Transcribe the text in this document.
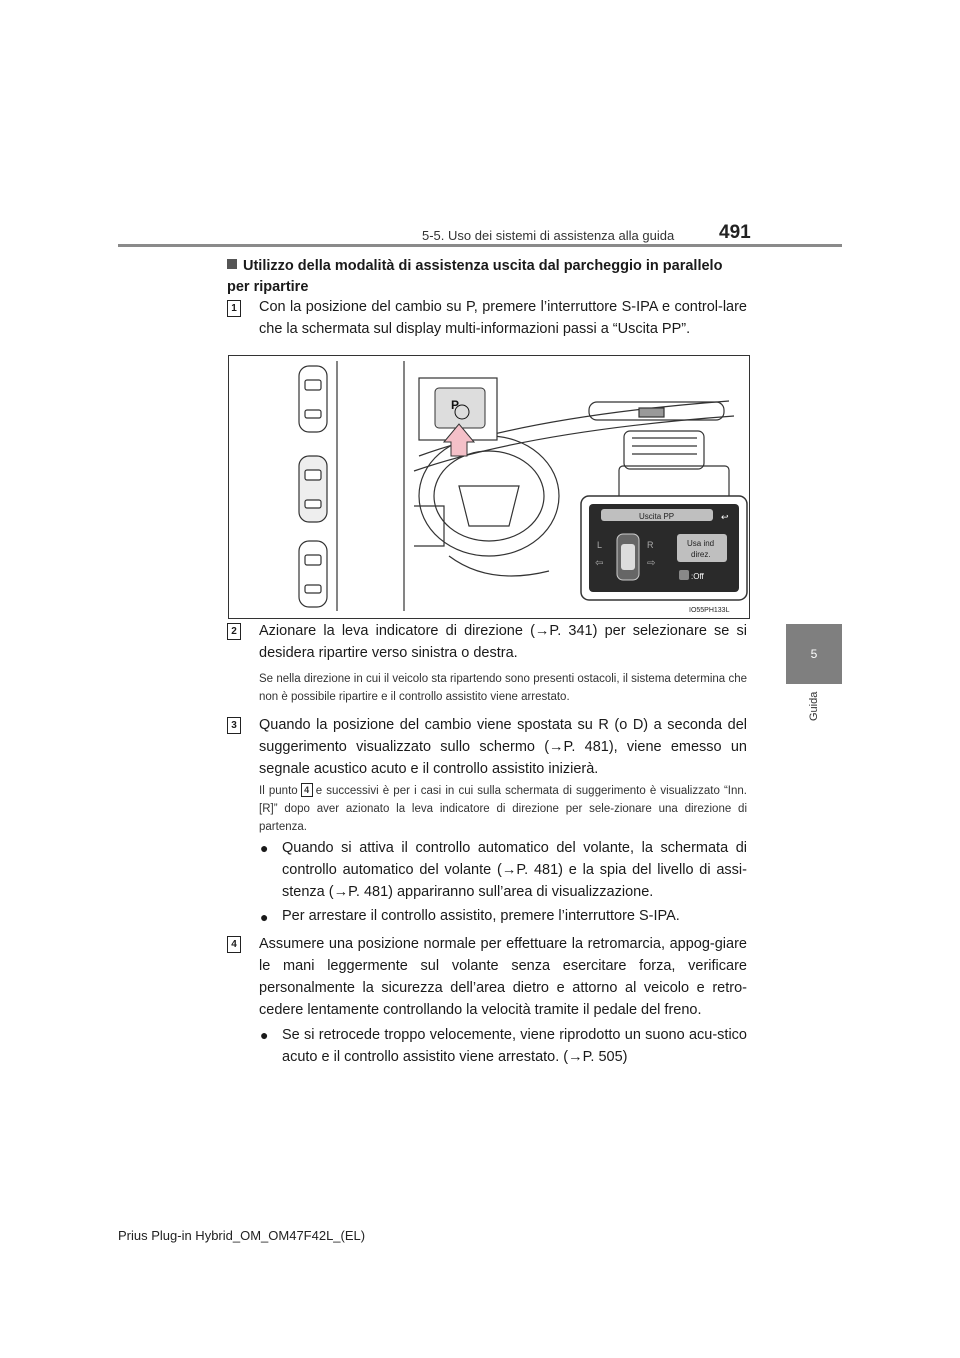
5-5. Uso dei sistemi di assistenza alla guida 491
5
Guida
Utilizzo della modalità di assistenza uscita dal parcheggio in parallelo per ripartire
1 Con la posizione del cambio su P, premere l’interruttore S-IPA e control-lare che la schermata sul display multi-informazioni passi a “Uscita PP”.
P
Uscita PP	↩
L	R
⇦	⇨
Usa ind
direz.
:Off
IO55PH133L
2 Azionare la leva indicatore di direzione (→P. 341) per selezionare se si desidera ripartire verso sinistra o destra.
Se nella direzione in cui il veicolo sta ripartendo sono presenti ostacoli, il sistema determina che non è possibile ripartire e il controllo assistito viene arrestato.
3 Quando la posizione del cambio viene spostata su R (o D) a seconda del suggerimento visualizzato sullo schermo (→P. 481), viene emesso un segnale acustico acuto e il controllo assistito inizierà.
Il punto 4 e successivi è per i casi in cui sulla schermata di suggerimento è visualizzato “Inn. [R]” dopo aver azionato la leva indicatore di direzione per sele-zionare una direzione di partenza.
● Quando si attiva il controllo automatico del volante, la schermata di controllo automatico del volante (→P. 481) e la spia del livello di assi-stenza (→P. 481) appariranno sull’area di visualizzazione.
● Per arrestare il controllo assistito, premere l’interruttore S-IPA.
4 Assumere una posizione normale per effettuare la retromarcia, appog-giare le mani leggermente sul volante senza esercitare forza, verificare personalmente la sicurezza dell’area dietro e attorno al veicolo e retro-cedere lentamente controllando la velocità tramite il pedale del freno.
● Se si retrocede troppo velocemente, viene riprodotto un suono acu-stico acuto e il controllo assistito viene arrestato. (→P. 505)
Prius Plug-in Hybrid_OM_OM47F42L_(EL)
